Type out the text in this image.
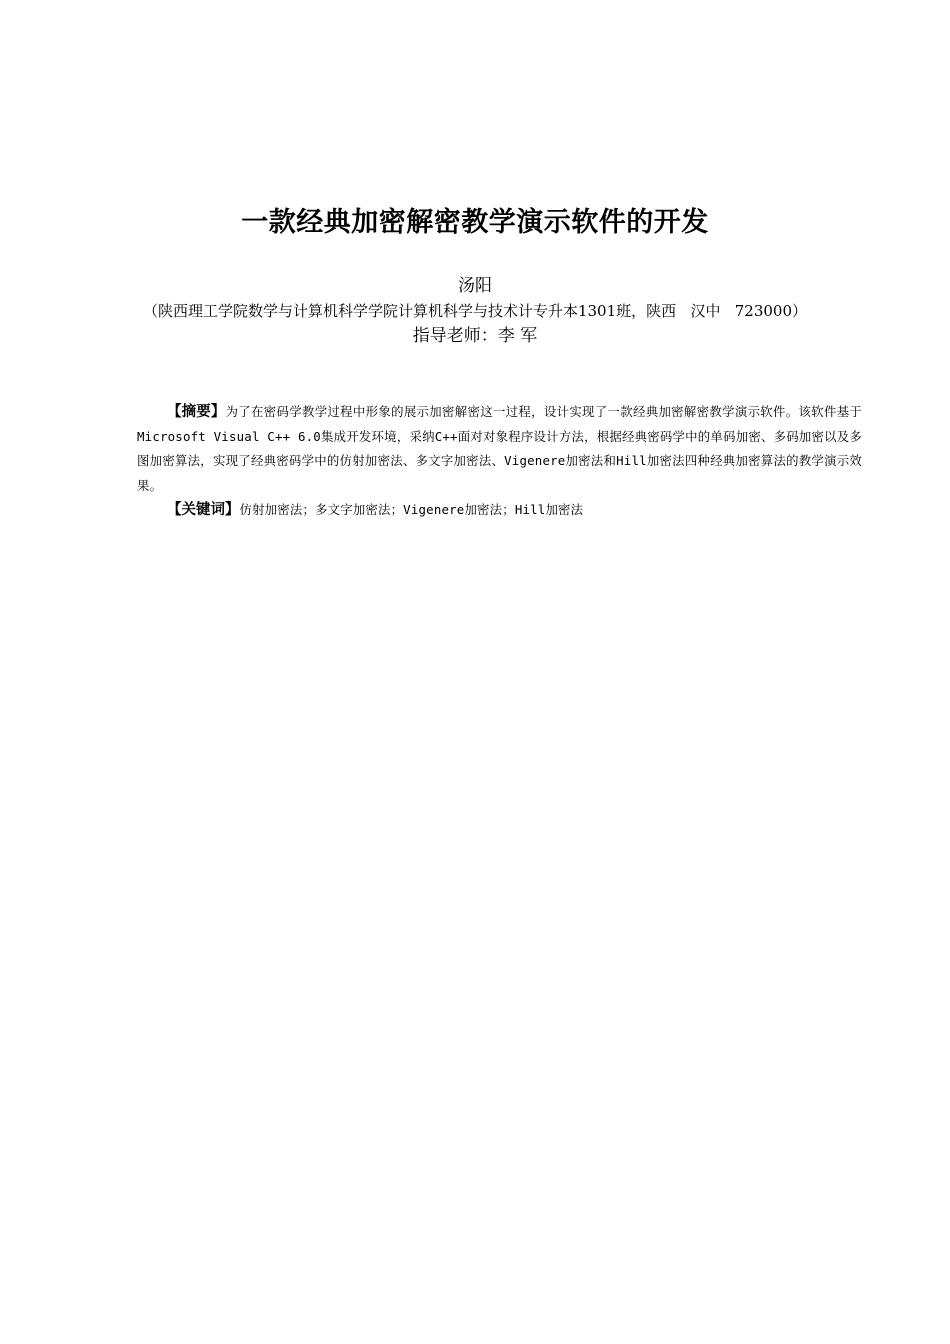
一款经典加密解密教学演示软件的开发
汤阳
（陕西理工学院数学与计算机科学学院计算机科学与技术计专升本1301班，陕西   汉中   723000）
指导老师：李 军
【摘要】为了在密码学教学过程中形象的展示加密解密这一过程，设计实现了一款经典加密解密教学演示软件。该软件基于Microsoft Visual C++ 6.0集成开发环境，采纳C++面对对象程序设计方法，根据经典密码学中的单码加密、多码加密以及多图加密算法，实现了经典密码学中的仿射加密法、多文字加密法、Vigenere加密法和Hill加密法四种经典加密算法的教学演示效果。
【关键词】仿射加密法；多文字加密法；Vigenere加密法；Hill加密法
